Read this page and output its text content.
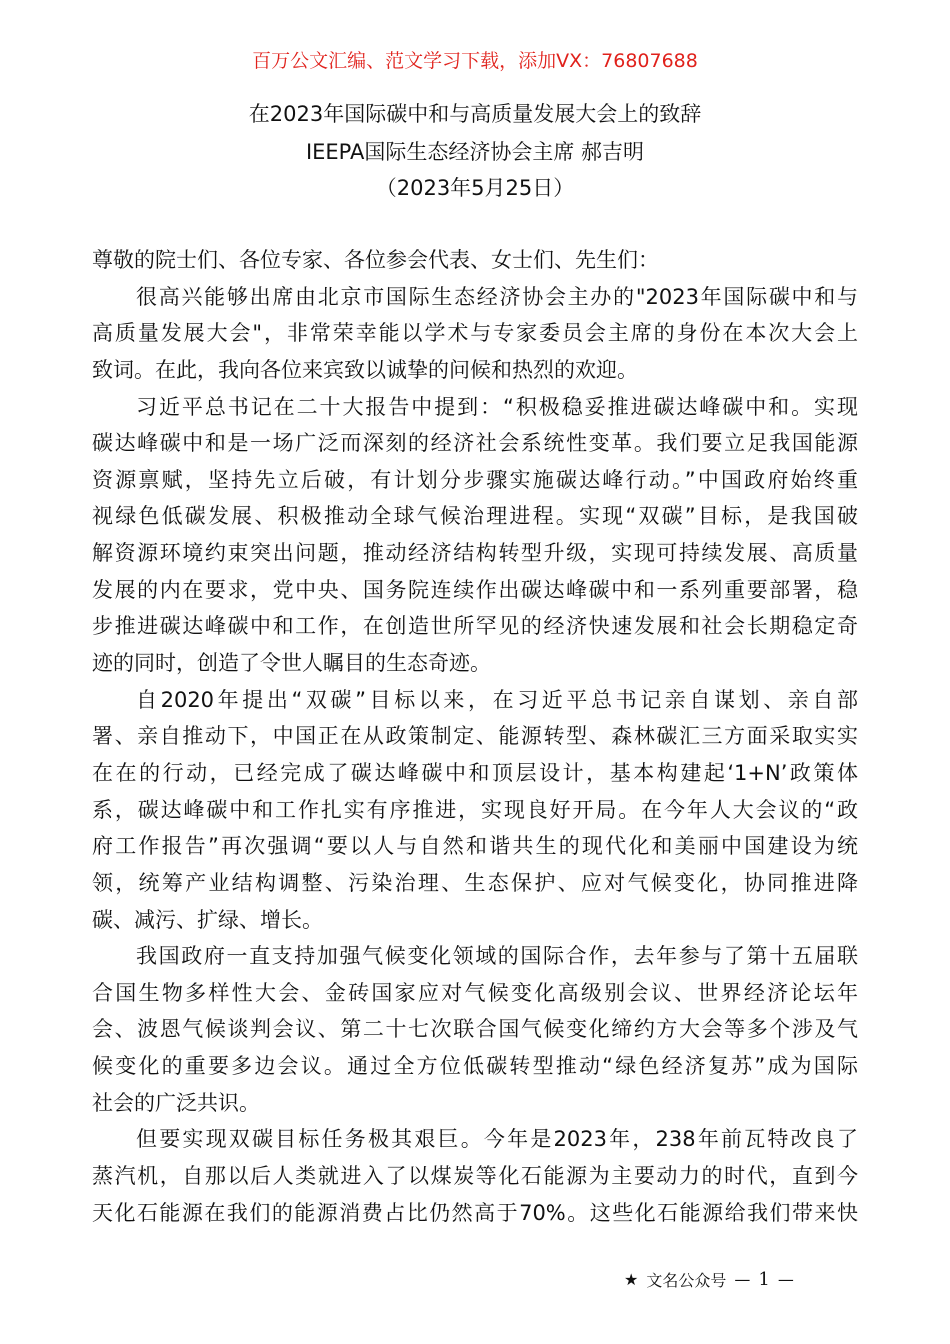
百万公文汇编、范文学习下载，添加VX：76807688
在2023年国际碳中和与高质量发展大会上的致辞
IEEPA国际生态经济协会主席 郝吉明
（2023年5月25日）
尊敬的院士们、各位专家、各位参会代表、女士们、先生们：
很高兴能够出席由北京市国际生态经济协会主办的"2023年国际碳中和与
高质量发展大会"，非常荣幸能以学术与专家委员会主席的身份在本次大会上
致词。在此，我向各位来宾致以诚挚的问候和热烈的欢迎。
习近平总书记在二十大报告中提到：“积极稳妥推进碳达峰碳中和。实现
碳达峰碳中和是一场广泛而深刻的经济社会系统性变革。我们要立足我国能源
资源禀赋，坚持先立后破，有计划分步骤实施碳达峰行动。”中国政府始终重
视绿色低碳发展、积极推动全球气候治理进程。实现“双碳”目标，是我国破
解资源环境约束突出问题，推动经济结构转型升级，实现可持续发展、高质量
发展的内在要求，党中央、国务院连续作出碳达峰碳中和一系列重要部署，稳
步推进碳达峰碳中和工作，在创造世所罕见的经济快速发展和社会长期稳定奇
迹的同时，创造了令世人瞩目的生态奇迹。
自2020年提出“双碳”目标以来，在习近平总书记亲自谋划、亲自部
署、亲自推动下，中国正在从政策制定、能源转型、森林碳汇三方面采取实实
在在的行动，已经完成了碳达峰碳中和顶层设计，基本构建起‘1+N’政策体
系，碳达峰碳中和工作扎实有序推进，实现良好开局。在今年人大会议的“政
府工作报告”再次强调“要以人与自然和谐共生的现代化和美丽中国建设为统
领，统筹产业结构调整、污染治理、生态保护、应对气候变化，协同推进降
碳、减污、扩绿、增长。
我国政府一直支持加强气候变化领域的国际合作，去年参与了第十五届联
合国生物多样性大会、金砖国家应对气候变化高级别会议、世界经济论坛年
会、波恩气候谈判会议、第二十七次联合国气候变化缔约方大会等多个涉及气
候变化的重要多边会议。通过全方位低碳转型推动“绿色经济复苏”成为国际
社会的广泛共识。
但要实现双碳目标任务极其艰巨。今年是2023年，238年前瓦特改良了
蒸汽机，自那以后人类就进入了以煤炭等化石能源为主要动力的时代，直到今
天化石能源在我们的能源消费占比仍然高于70%。这些化石能源给我们带来快
★ 文名公众号 — 1 —
